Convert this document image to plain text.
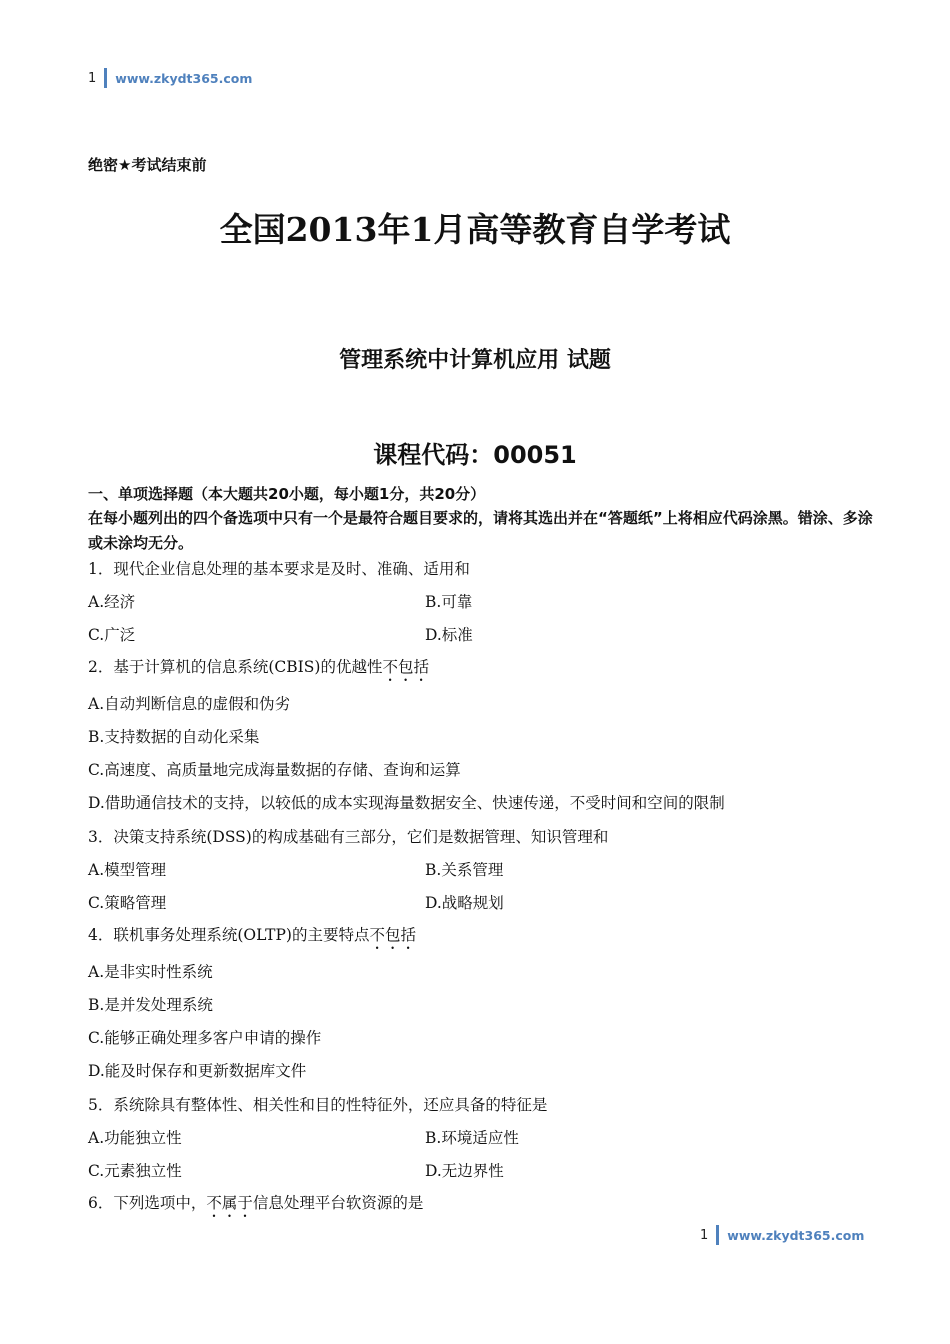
1 www.zkydt365.com
绝密★考试结束前
全国2013年1月高等教育自学考试
管理系统中计算机应用 试题
课程代码：00051
一、单项选择题（本大题共20小题，每小题1分，共20分）
在每小题列出的四个备选项中只有一个是最符合题目要求的，请将其选出并在“答题纸”上将相应代码涂黑。错涂、多涂或未涂均无分。
1．现代企业信息处理的基本要求是及时、准确、适用和
A.经济	B.可靠
C.广泛	D.标准
2．基于计算机的信息系统(CBIS)的优越性不包括
A.自动判断信息的虚假和伪劣
B.支持数据的自动化采集
C.高速度、高质量地完成海量数据的存储、查询和运算
D.借助通信技术的支持，以较低的成本实现海量数据安全、快速传递，不受时间和空间的限制
3．决策支持系统(DSS)的构成基础有三部分，它们是数据管理、知识管理和
A.模型管理	B.关系管理
C.策略管理	D.战略规划
4．联机事务处理系统(OLTP)的主要特点不包括
A.是非实时性系统
B.是并发处理系统
C.能够正确处理多客户申请的操作
D.能及时保存和更新数据库文件
5．系统除具有整体性、相关性和目的性特征外，还应具备的特征是
A.功能独立性	B.环境适应性
C.元素独立性	D.无边界性
6．下列选项中，不属于信息处理平台软资源的是
1 www.zkydt365.com
